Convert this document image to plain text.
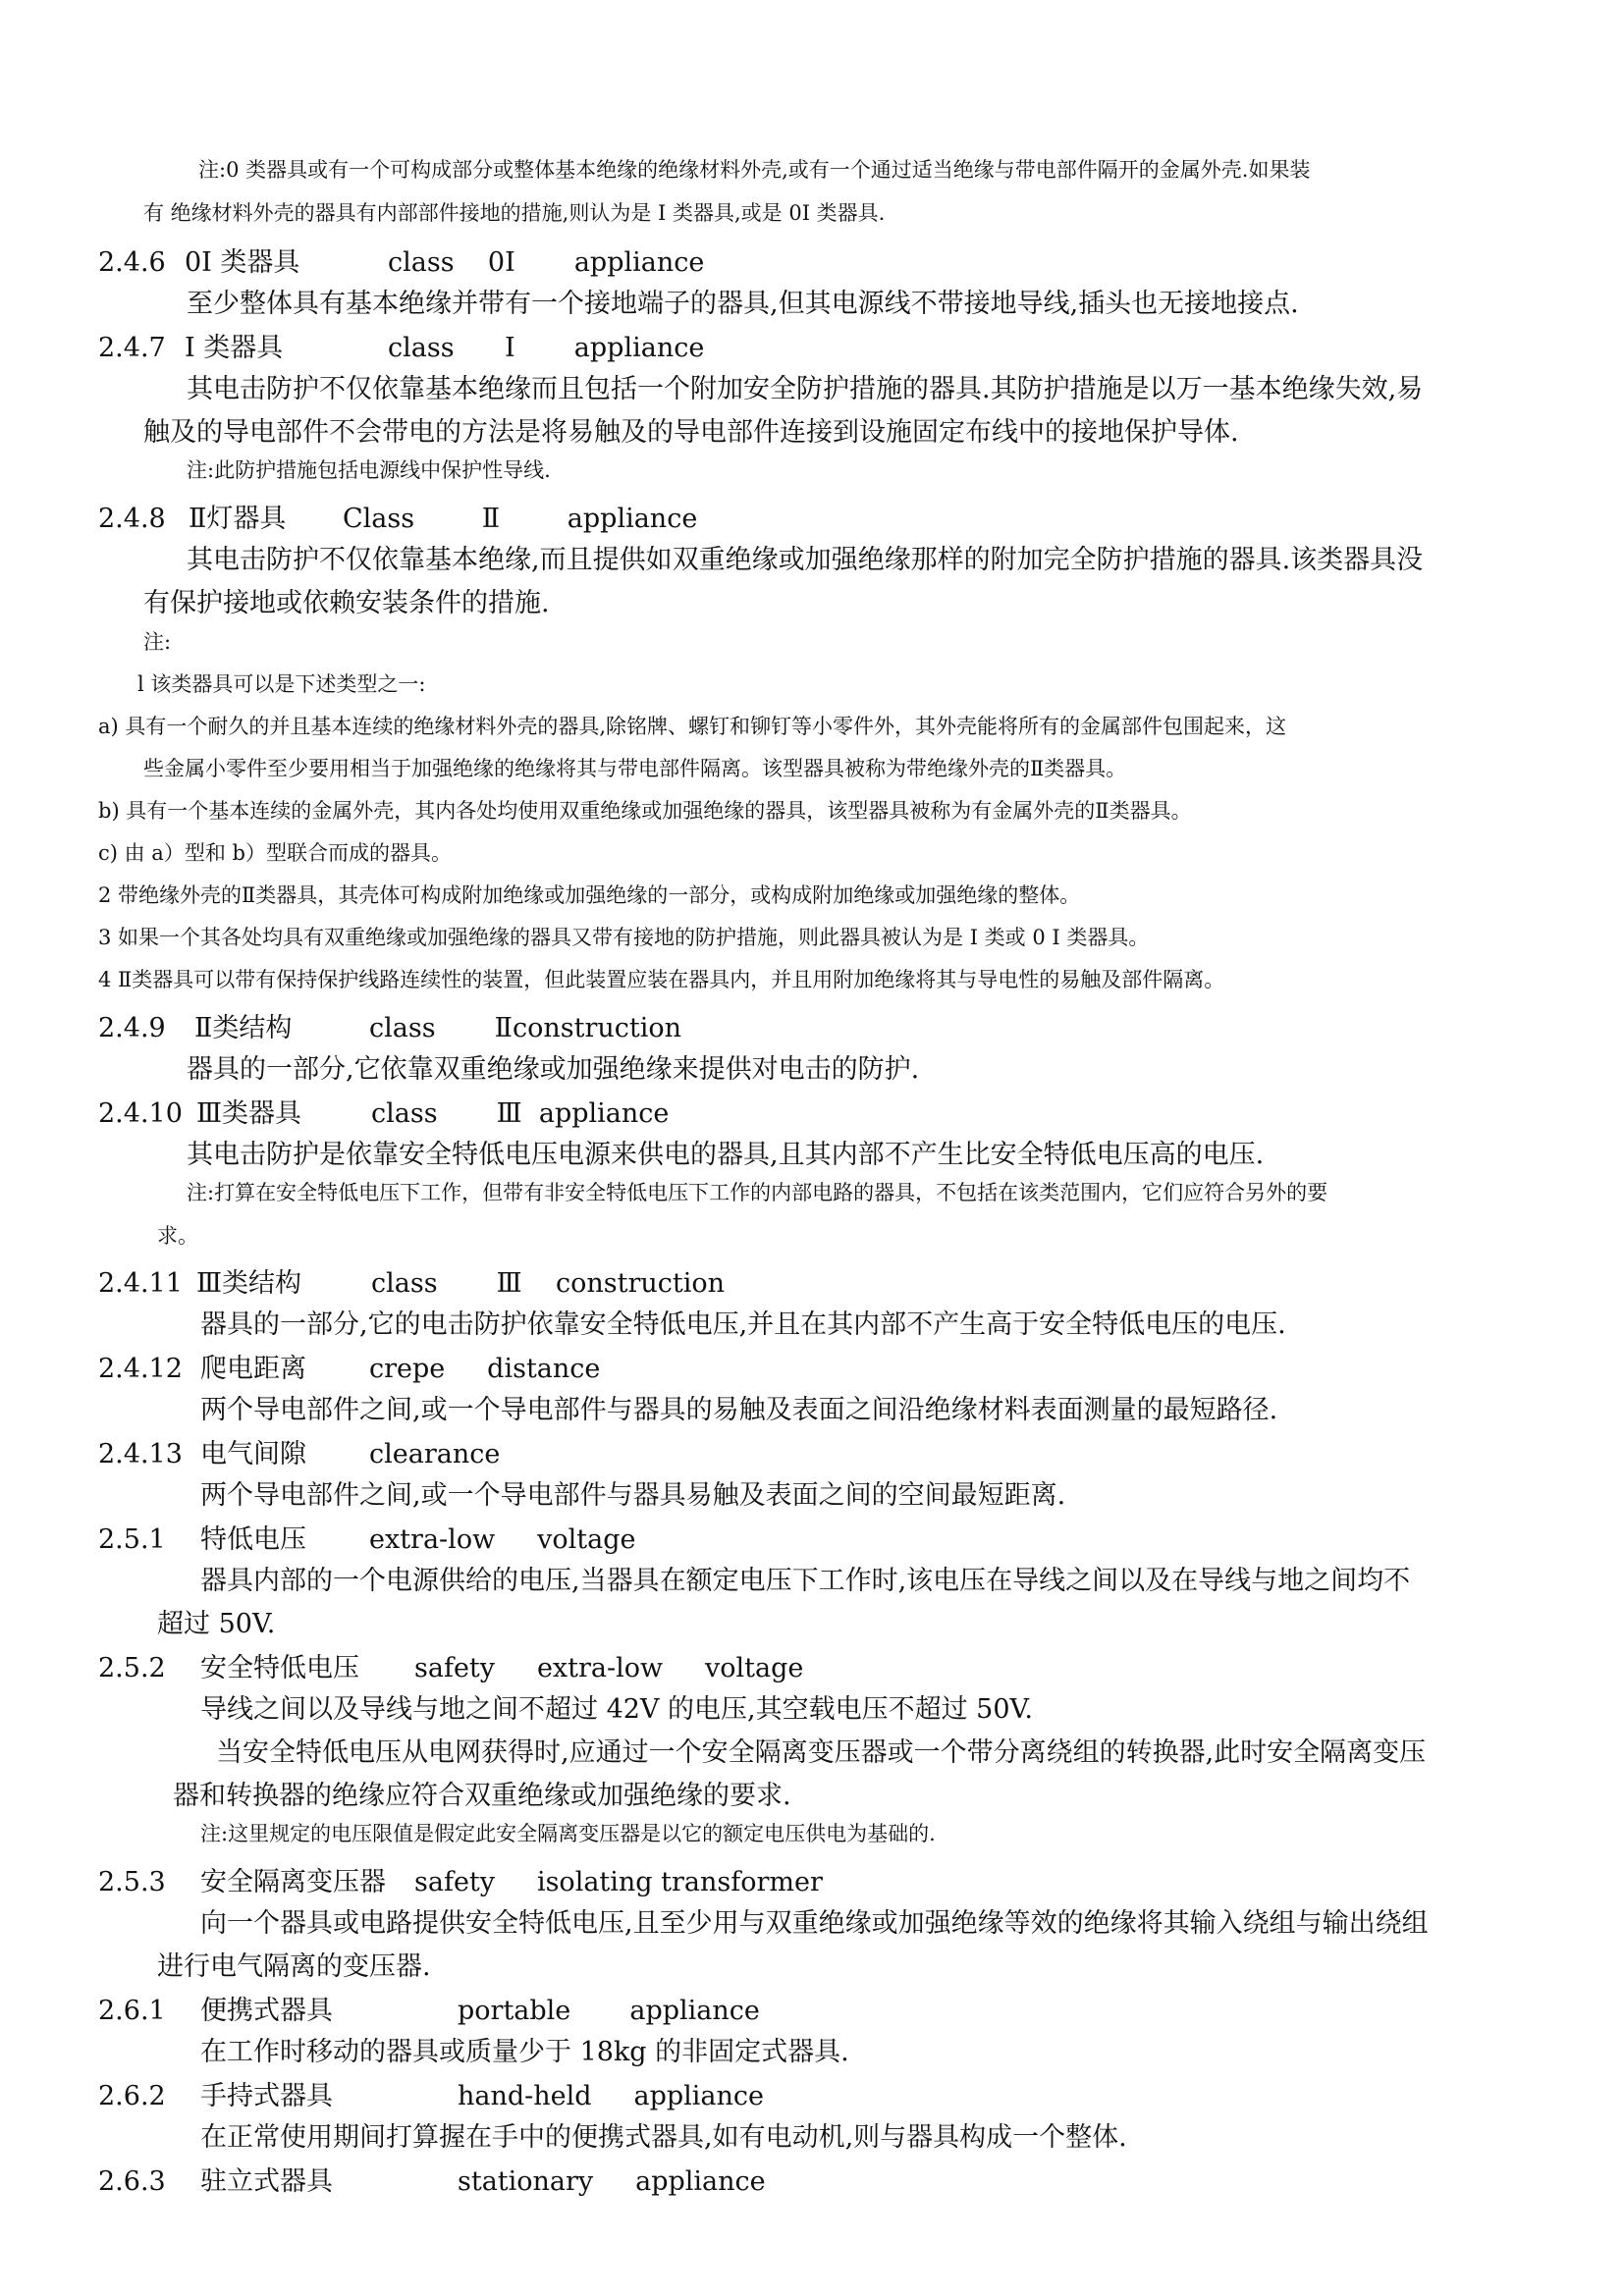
注:0 类器具或有一个可构成部分或整体基本绝缘的绝缘材料外壳,或有一个通过适当绝缘与带电部件隔开的金属外壳.如果装
有 绝缘材料外壳的器具有内部部件接地的措施,则认为是 I 类器具,或是 0I 类器具.
2.4.6 0I 类器具	class    0I       appliance
至少整体具有基本绝缘并带有一个接地端子的器具,但其电源线不带接地导线,插头也无接地接点.
2.4.7 I 类器具	class      I       appliance
其电击防护不仅依靠基本绝缘而且包括一个附加安全防护措施的器具.其防护措施是以万一基本绝缘失效,易
触及的导电部件不会带电的方法是将易触及的导电部件连接到设施固定布线中的接地保护导体.
注:此防护措施包括电源线中保护性导线.
2.4.8 Ⅱ灯器具 Class        Ⅱ        appliance
其电击防护不仅依靠基本绝缘,而且提供如双重绝缘或加强绝缘那样的附加完全防护措施的器具.该类器具没
有保护接地或依赖安装条件的措施.
注:
l 该类器具可以是下述类型之一:
a) 具有一个耐久的并且基本连续的绝缘材料外壳的器具,除铭牌、螺钉和铆钉等小零件外，其外壳能将所有的金属部件包围起来，这
些金属小零件至少要用相当于加强绝缘的绝缘将其与带电部件隔离。该型器具被称为带绝缘外壳的Ⅱ类器具。
b) 具有一个基本连续的金属外壳，其内各处均使用双重绝缘或加强绝缘的器具，该型器具被称为有金属外壳的Ⅱ类器具。
c) 由 a）型和 b）型联合而成的器具。
2 带绝缘外壳的Ⅱ类器具，其壳体可构成附加绝缘或加强绝缘的一部分，或构成附加绝缘或加强绝缘的整体。
3 如果一个其各处均具有双重绝缘或加强绝缘的器具又带有接地的防护措施，则此器具被认为是 I 类或 0 I 类器具。
4 Ⅱ类器具可以带有保持保护线路连续性的装置，但此装置应装在器具内，并且用附加绝缘将其与导电性的易触及部件隔离。
2.4.9 Ⅱ类结构	class       Ⅱconstruction
器具的一部分,它依靠双重绝缘或加强绝缘来提供对电击的防护.
2.4.10 Ⅲ类器具	class       Ⅲ  appliance
其电击防护是依靠安全特低电压电源来供电的器具,且其内部不产生比安全特低电压高的电压.
注:打算在安全特低电压下工作，但带有非安全特低电压下工作的内部电路的器具，不包括在该类范围内，它们应符合另外的要
求。
2.4.11 Ⅲ类结构	class       Ⅲ    construction
器具的一部分,它的电击防护依靠安全特低电压,并且在其内部不产生高于安全特低电压的电压.
2.4.12 爬电距离 crepe     distance
两个导电部件之间,或一个导电部件与器具的易触及表面之间沿绝缘材料表面测量的最短路径.
2.4.13 电气间隙 clearance
两个导电部件之间,或一个导电部件与器具易触及表面之间的空间最短距离.
2.5.1 特低电压 extra-low     voltage
器具内部的一个电源供给的电压,当器具在额定电压下工作时,该电压在导线之间以及在导线与地之间均不
超过 50V.
2.5.2 安全特低电压 safety     extra-low     voltage
导线之间以及导线与地之间不超过 42V 的电压,其空载电压不超过 50V.
当安全特低电压从电网获得时,应通过一个安全隔离变压器或一个带分离绕组的转换器,此时安全隔离变压
器和转换器的绝缘应符合双重绝缘或加强绝缘的要求.
注:这里规定的电压限值是假定此安全隔离变压器是以它的额定电压供电为基础的.
2.5.3 安全隔离变压器 safety     isolating transformer
向一个器具或电路提供安全特低电压,且至少用与双重绝缘或加强绝缘等效的绝缘将其输入绕组与输出绕组
进行电气隔离的变压器.
2.6.1 便携式器具	portable       appliance
在工作时移动的器具或质量少于 18kg 的非固定式器具.
2.6.2 手持式器具	hand-held     appliance
在正常使用期间打算握在手中的便携式器具,如有电动机,则与器具构成一个整体.
2.6.3 驻立式器具	stationary     appliance
